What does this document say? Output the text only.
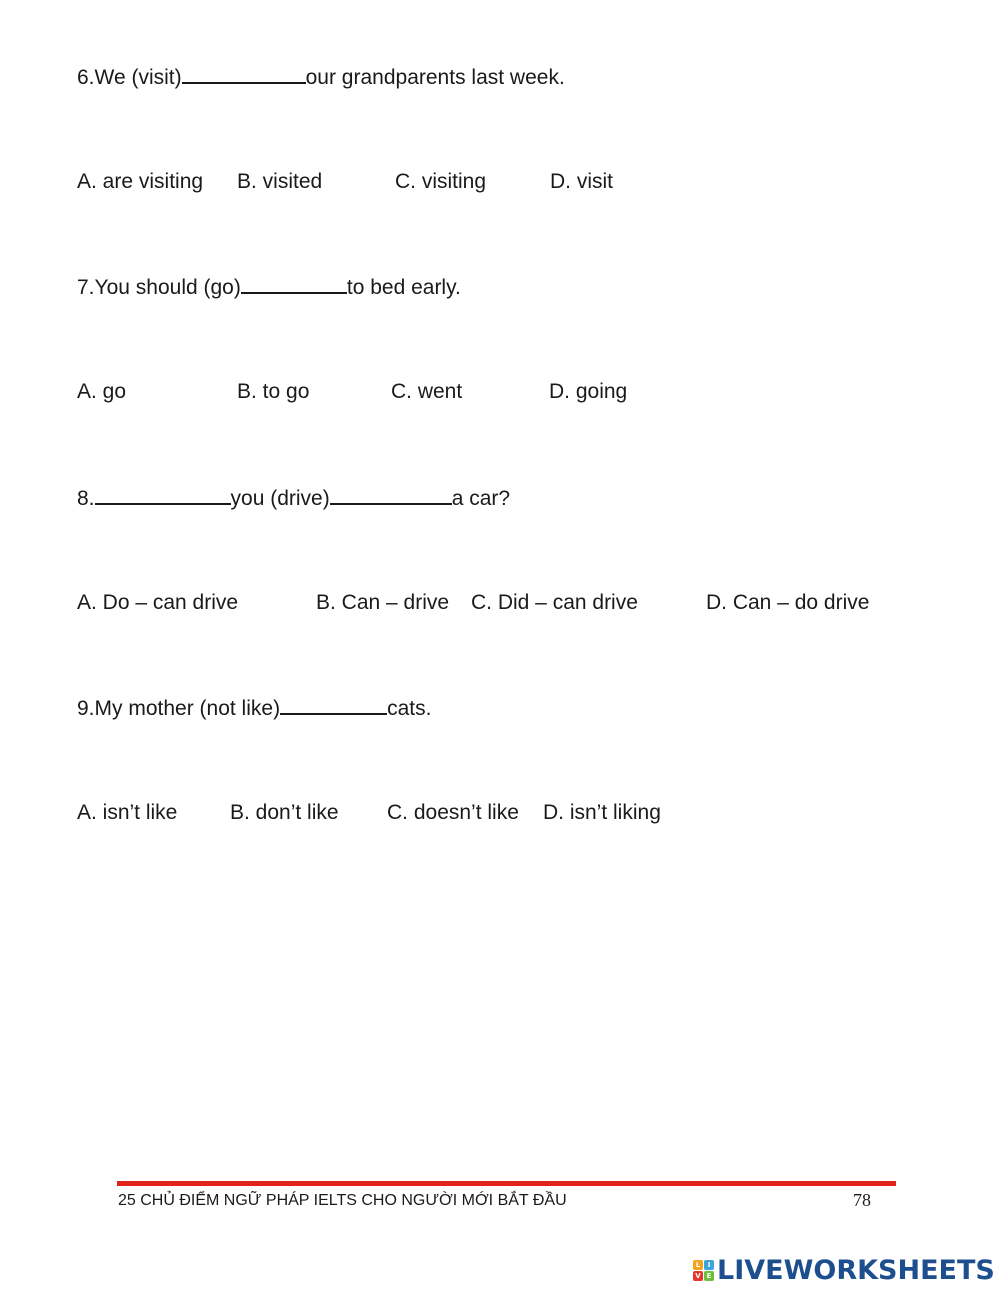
6.We (visit)	our grandparents last week.
A. are visiting B. visited	C. visiting	D. visit
7.You should (go)	to bed early.
A. go	B. to go	C. went	D. going
8.	you (drive)	a car?
A. Do – can drive	B. Can – drive C. Did – can drive	D. Can – do drive
9.My mother (not like)	cats.
A. isn’t like	B. don’t like C. doesn’t like D. isn’t liking
25 CHỦ ĐIỂM NGỮ PHÁP IELTS CHO NGƯỜI MỚI BẮT ĐẦU	78
L	I
V E LIVEWORKSHEETS
